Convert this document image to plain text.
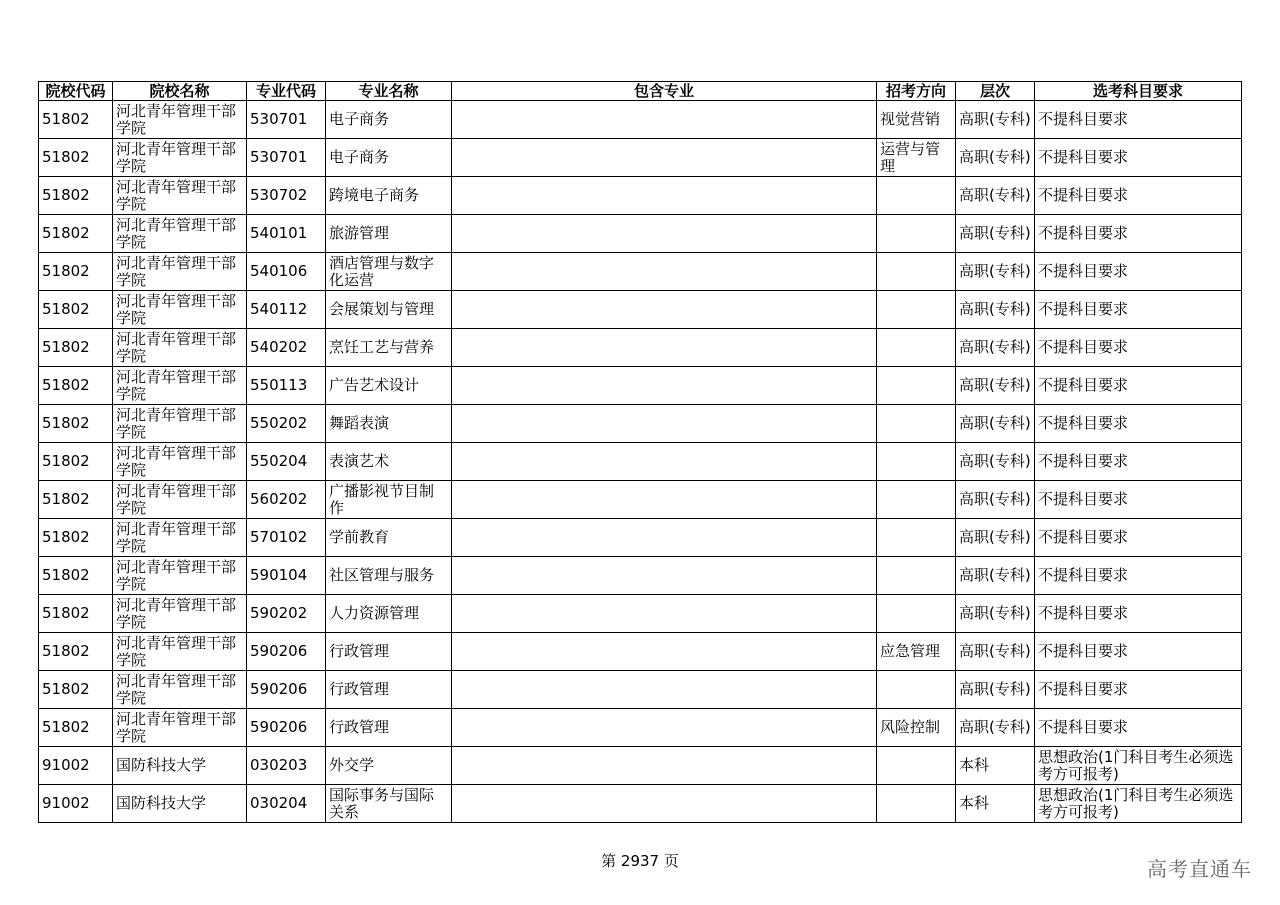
院校代码	院校名称	专业代码	专业名称	包含专业	招考方向	层次	选考科目要求
51802	河北青年管理干部学院	530701	电子商务		视觉营销	高职(专科)	不提科目要求
51802	河北青年管理干部学院	530701	电子商务		运营与管理	高职(专科)	不提科目要求
51802	河北青年管理干部学院	530702	跨境电子商务			高职(专科)	不提科目要求
51802	河北青年管理干部学院	540101	旅游管理			高职(专科)	不提科目要求
51802	河北青年管理干部学院	540106	酒店管理与数字化运营			高职(专科)	不提科目要求
51802	河北青年管理干部学院	540112	会展策划与管理			高职(专科)	不提科目要求
51802	河北青年管理干部学院	540202	烹饪工艺与营养			高职(专科)	不提科目要求
51802	河北青年管理干部学院	550113	广告艺术设计			高职(专科)	不提科目要求
51802	河北青年管理干部学院	550202	舞蹈表演			高职(专科)	不提科目要求
51802	河北青年管理干部学院	550204	表演艺术			高职(专科)	不提科目要求
51802	河北青年管理干部学院	560202	广播影视节目制作			高职(专科)	不提科目要求
51802	河北青年管理干部学院	570102	学前教育			高职(专科)	不提科目要求
51802	河北青年管理干部学院	590104	社区管理与服务			高职(专科)	不提科目要求
51802	河北青年管理干部学院	590202	人力资源管理			高职(专科)	不提科目要求
51802	河北青年管理干部学院	590206	行政管理		应急管理	高职(专科)	不提科目要求
51802	河北青年管理干部学院	590206	行政管理			高职(专科)	不提科目要求
51802	河北青年管理干部学院	590206	行政管理		风险控制	高职(专科)	不提科目要求
91002	国防科技大学	030203	外交学			本科	思想政治(1门科目考生必须选考方可报考)
91002	国防科技大学	030204	国际事务与国际关系			本科	思想政治(1门科目考生必须选考方可报考)
第 2937 页	高考直通车
